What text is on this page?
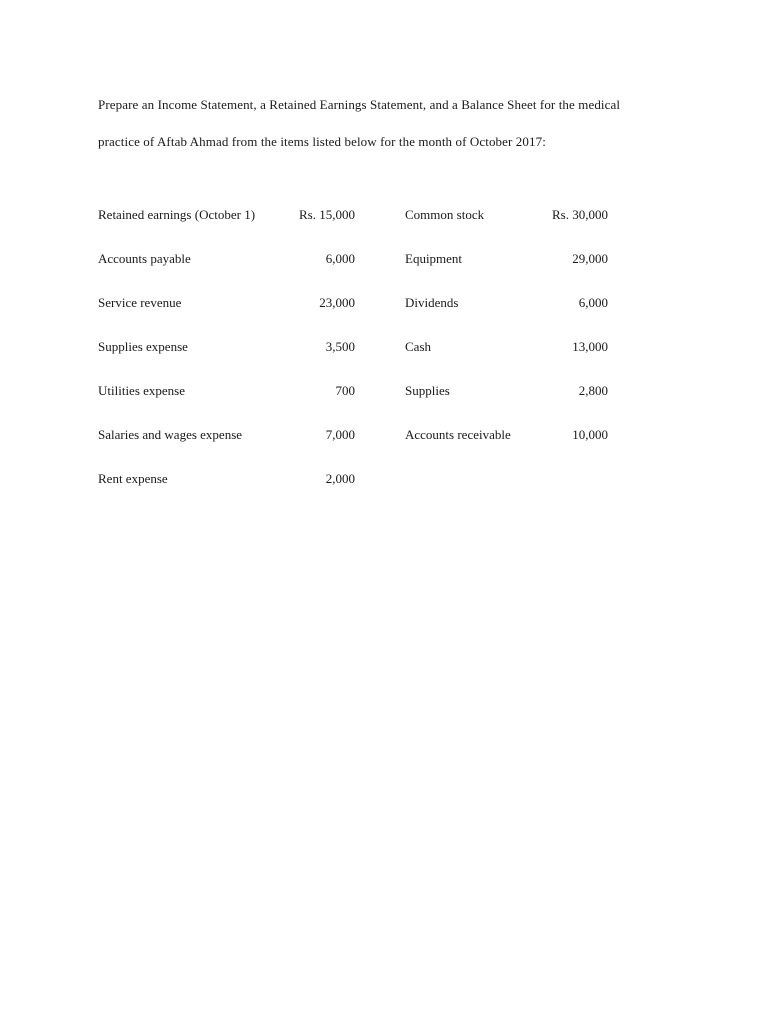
Prepare an Income Statement, a Retained Earnings Statement, and a Balance Sheet for the medical

practice of Aftab Ahmad from the items listed below for the month of October 2017:

Retained earnings (October 1)	Rs. 15,000	Common stock	Rs. 30,000
Accounts payable	6,000	Equipment	29,000
Service revenue	23,000	Dividends	6,000
Supplies expense	3,500	Cash	13,000
Utilities expense	700	Supplies	2,800
Salaries and wages expense	7,000	Accounts receivable	10,000
Rent expense	2,000
